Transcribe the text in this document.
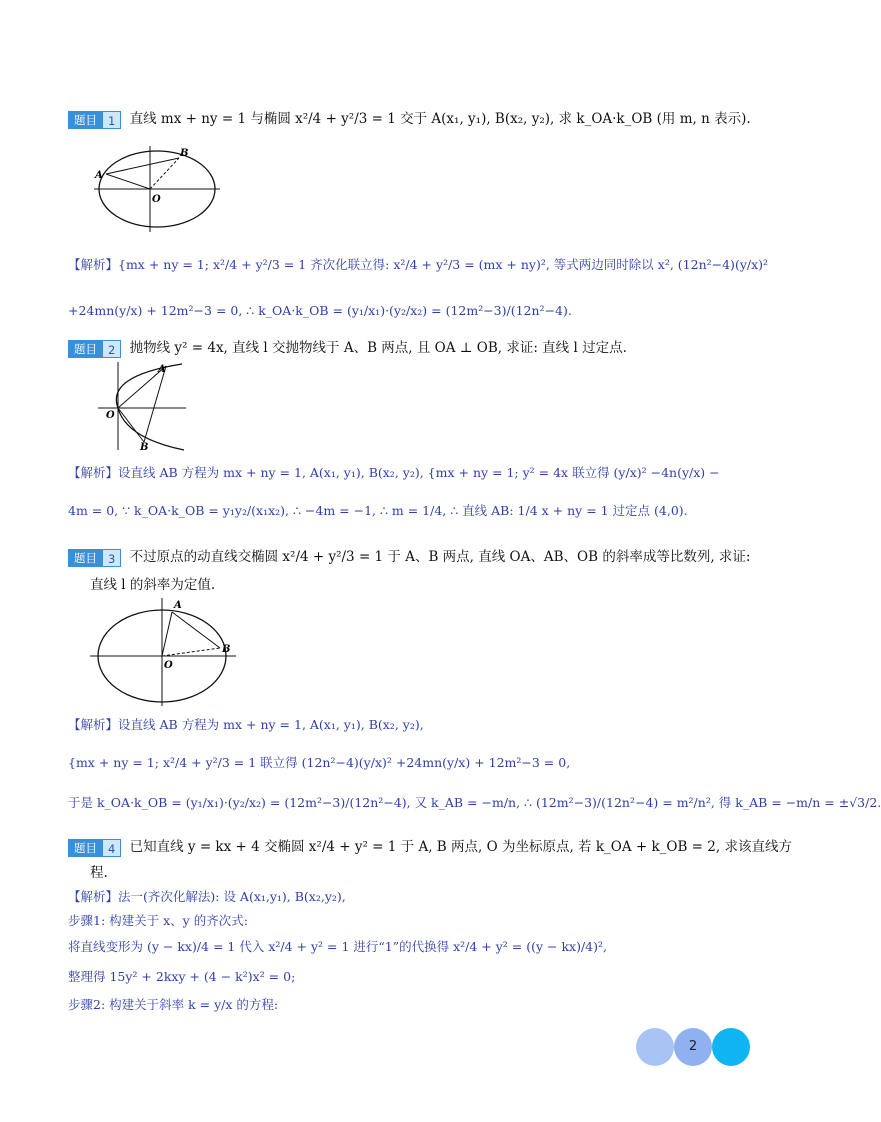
题目 1	直线 mx + ny = 1 与椭圆 x²/4 + y²/3 = 1 交于 A(x₁, y₁), B(x₂, y₂), 求 k_OA·k_OB (用 m, n 表示).
A
B
O
【解析】{mx + ny = 1; x²/4 + y²/3 = 1 齐次化联立得: x²/4 + y²/3 = (mx + ny)², 等式两边同时除以 x², (12n²−4)(y/x)²
+24mn(y/x) + 12m²−3 = 0, ∴ k_OA·k_OB = (y₁/x₁)·(y₂/x₂) = (12m²−3)/(12n²−4).
题目 2	抛物线 y² = 4x, 直线 l 交抛物线于 A、B 两点, 且 OA ⊥ OB, 求证: 直线 l 过定点.
A
B
O
【解析】设直线 AB 方程为 mx + ny = 1, A(x₁, y₁), B(x₂, y₂), {mx + ny = 1; y² = 4x 联立得 (y/x)² −4n(y/x) −
4m = 0, ∵ k_OA·k_OB = y₁y₂/(x₁x₂), ∴ −4m = −1, ∴ m = 1/4, ∴ 直线 AB: 1/4 x + ny = 1 过定点 (4,0).
题目 3	不过原点的动直线交椭圆 x²/4 + y²/3 = 1 于 A、B 两点, 直线 OA、AB、OB 的斜率成等比数列, 求证:
直线 l 的斜率为定值.
A
B
O
【解析】设直线 AB 方程为 mx + ny = 1, A(x₁, y₁), B(x₂, y₂),
{mx + ny = 1; x²/4 + y²/3 = 1 联立得 (12n²−4)(y/x)² +24mn(y/x) + 12m²−3 = 0,
于是 k_OA·k_OB = (y₁/x₁)·(y₂/x₂) = (12m²−3)/(12n²−4), 又 k_AB = −m/n, ∴ (12m²−3)/(12n²−4) = m²/n², 得 k_AB = −m/n = ±√3/2.
题目 4	已知直线 y = kx + 4 交椭圆 x²/4 + y² = 1 于 A, B 两点, O 为坐标原点, 若 k_OA + k_OB = 2, 求该直线方
程.
【解析】法一(齐次化解法): 设 A(x₁,y₁), B(x₂,y₂),
步骤1: 构建关于 x、y 的齐次式:
将直线变形为 (y − kx)/4 = 1 代入 x²/4 + y² = 1 进行“1”的代换得 x²/4 + y² = ((y − kx)/4)²,
整理得 15y² + 2kxy + (4 − k²)x² = 0;
步骤2: 构建关于斜率 k = y/x 的方程:
2
